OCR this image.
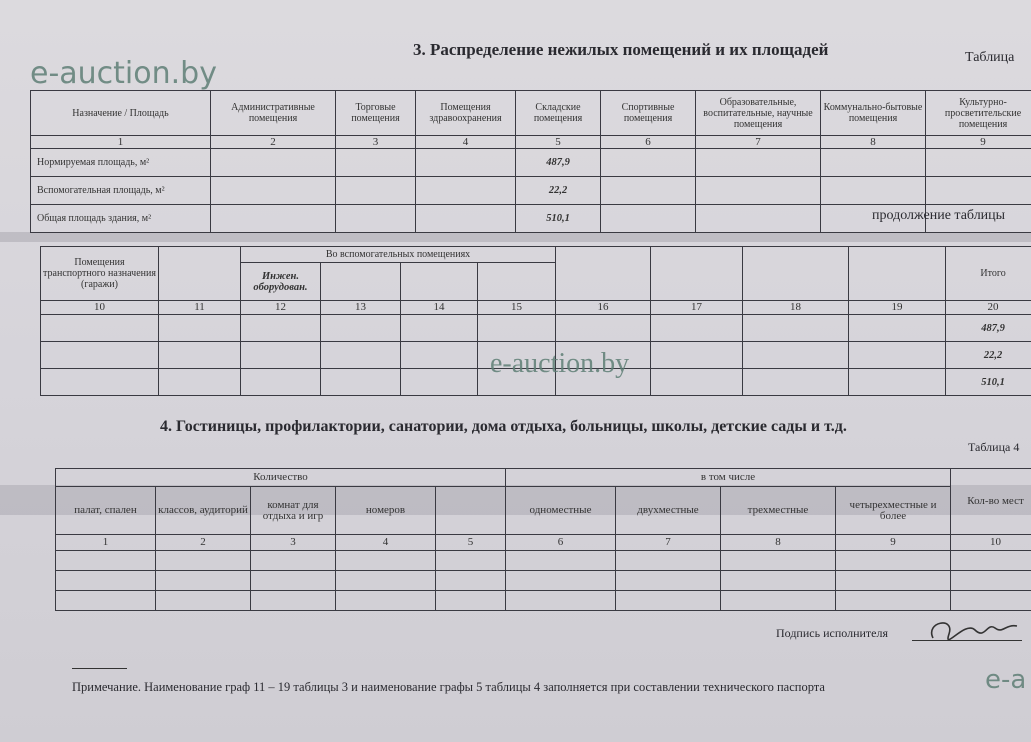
e-auction.by
3. Распределение нежилых помещений и их площадей	Таблица
Назначение / Площадь	Административные помещения	Торговые помещения	Помещения здравоохранения	Складские помещения	Спортивные помещения	Образовательные, воспитательные, научные помещения	Коммунально-бытовые помещения	Культурно-просветительские помещения
1	2	3	4	5	6	7	8	9
Нормируемая площадь, м²				487,9				
Вспомогательная площадь, м²				22,2				
Общая площадь здания, м²				510,1					продолжение таблицы
Помещения транспортного назначения (гаражи)		Во вспомогательных помещениях								Итого
		Инжен. оборудован.								
10	11	12	13	14	15	16	17	18	19	20
										487,9
										22,2
										510,1
e-auction.by
4. Гостиницы, профилактории, санатории, дома отдыха, больницы, школы, детские сады и т.д.
Таблица 4
Количество					в том числе				Кол-во мест
палат, спален	классов, аудиторий	комнат для отдыха и игр	номеров		одноместные	двухместные	трехместные	четырехместные и более	
1	2	3	4	5	6	7	8	9	10

Подпись исполнителя
Примечание. Наименование граф 11 – 19 таблицы 3 и наименование графы 5 таблицы 4 заполняется при составлении технического паспорта	e-a
